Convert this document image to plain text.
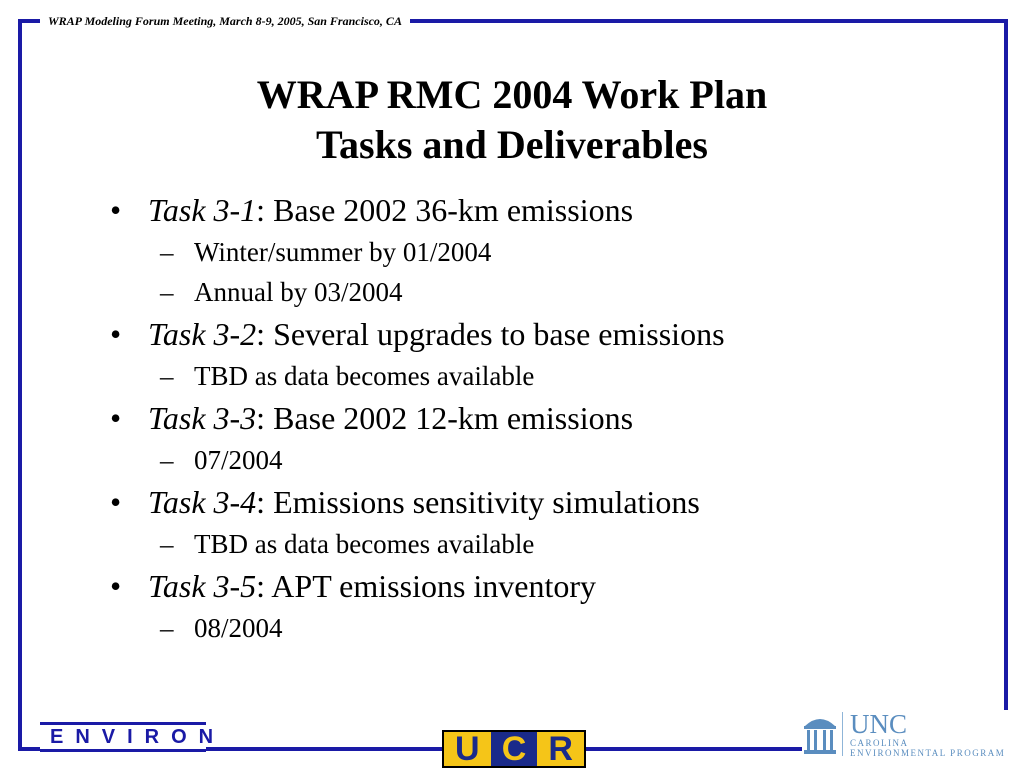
WRAP Modeling Forum Meeting, March 8-9, 2005, San Francisco, CA
WRAP RMC 2004 Work Plan
Tasks and Deliverables
• Task 3-1: Base 2002 36-km emissions
– Winter/summer by 01/2004
– Annual by 03/2004
• Task 3-2: Several upgrades to base emissions
– TBD as data becomes available
• Task 3-3: Base 2002 12-km emissions
– 07/2004
• Task 3-4: Emissions sensitivity simulations
– TBD as data becomes available
• Task 3-5: APT emissions inventory
– 08/2004
ENVIRON	U C R
UNC
CAROLINA
ENVIRONMENTAL PROGRAM
